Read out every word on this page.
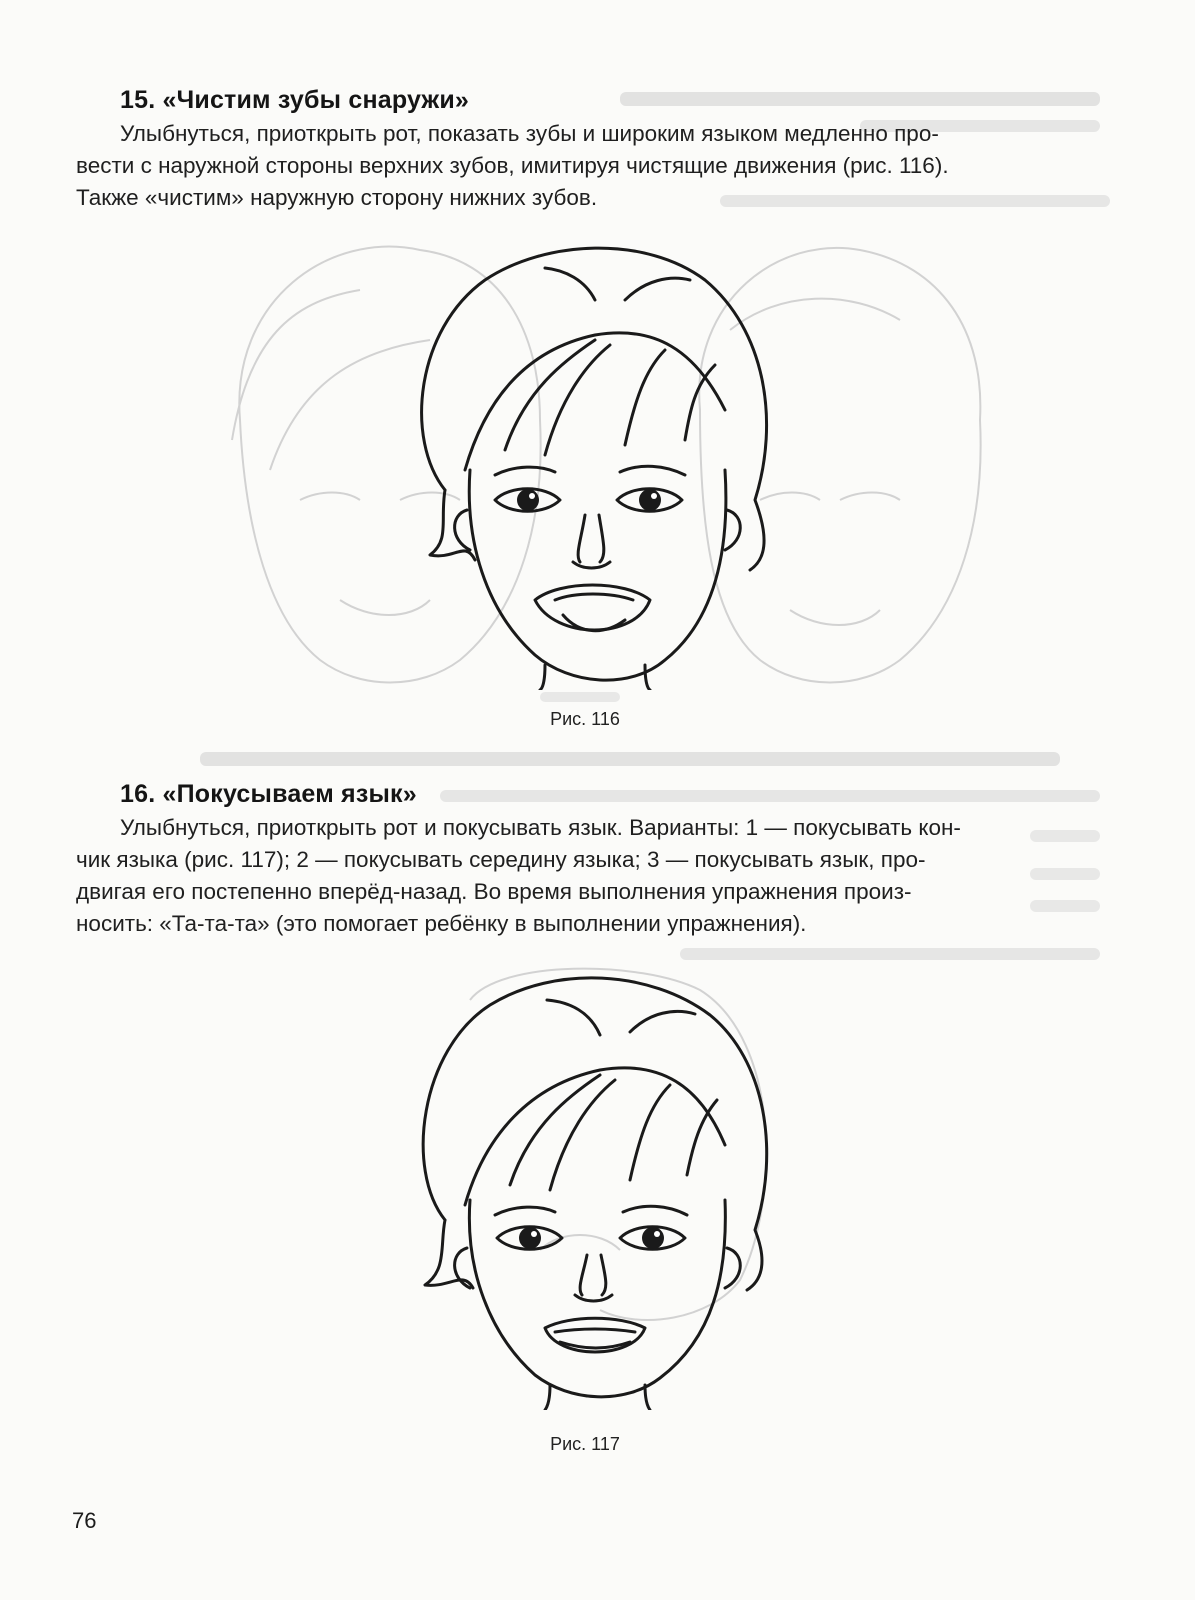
15. «Чистим зубы снаружи»

Улыбнуться, приоткрыть рот, показать зубы и широким языком медленно про-
вести с наружной стороны верхних зубов, имитируя чистящие движения (рис. 116).
Также «чистим» наружную сторону нижних зубов.

Рис. 116

16. «Покусываем язык»

Улыбнуться, приоткрыть рот и покусывать язык. Варианты: 1 — покусывать кон-
чик языка (рис. 117); 2 — покусывать середину языка; 3 — покусывать язык, про-
двигая его постепенно вперёд-назад. Во время выполнения упражнения произ-
носить: «Та-та-та» (это помогает ребёнку в выполнении упражнения).

Рис. 117

76
